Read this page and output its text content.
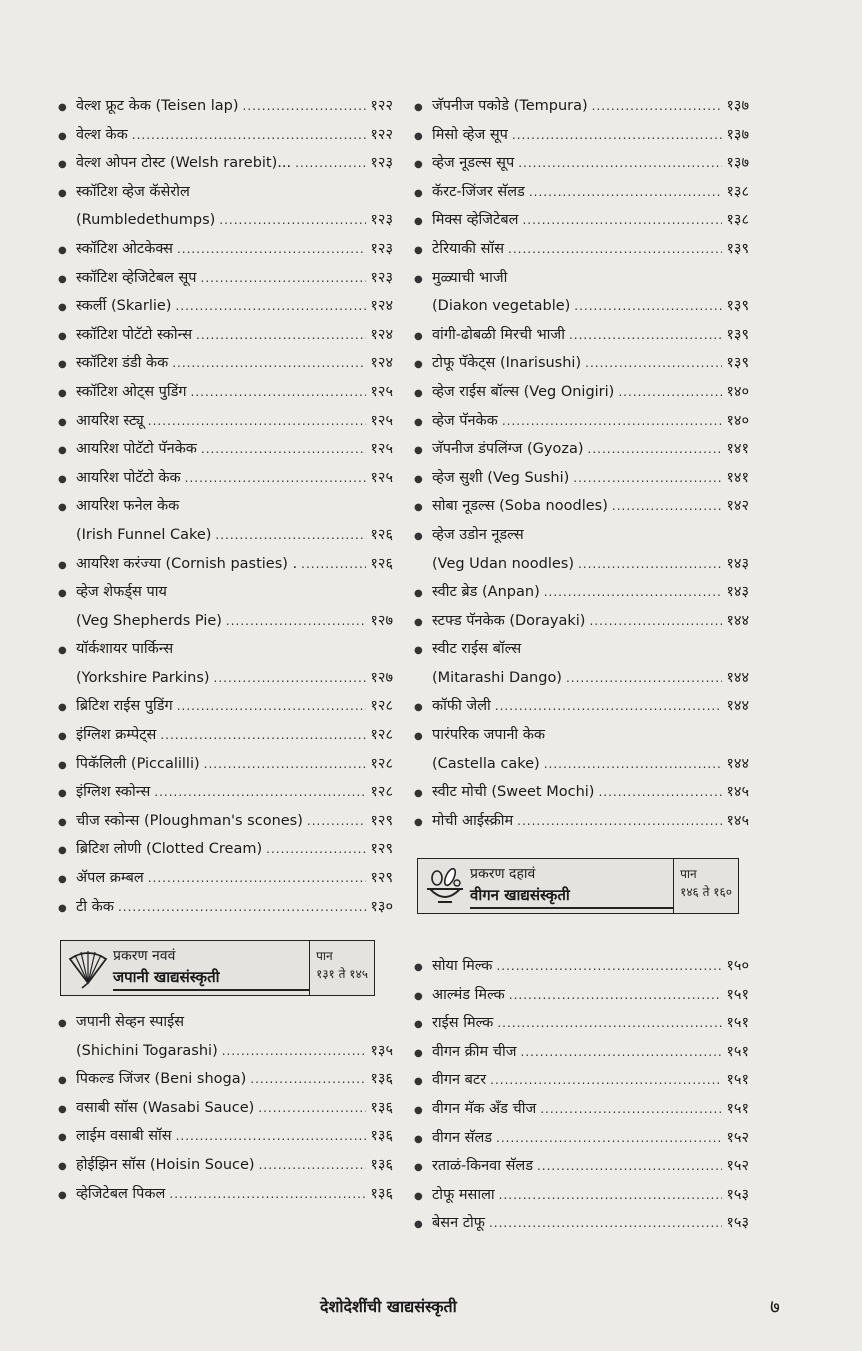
● वेल्श फ्रूट केक (Teisen lap) .....	१२२
● वेल्श केक .....	१२२
● वेल्श ओपन टोस्ट (Welsh rarebit)... .....	१२३
● स्कॉटिश व्हेज कॅसेरोल
(Rumbledethumps) .....	१२३
● स्कॉटिश ओटकेक्स .....	१२३
● स्कॉटिश व्हेजिटेबल सूप .....	१२३
● स्कर्ली (Skarlie) .....	१२४
● स्कॉटिश पोटॅटो स्कोन्स .....	१२४
● स्कॉटिश डंडी केक .....	१२४
● स्कॉटिश ओट्स पुडिंग .....	१२५
● आयरिश स्ट्यू .....	१२५
● आयरिश पोटॅटो पॅनकेक .....	१२५
● आयरिश पोटॅटो केक .....	१२५
● आयरिश फनेल केक
(Irish Funnel Cake) .....	१२६
● आयरिश करंज्या (Cornish pasties) . .....	१२६
● व्हेज शेफर्ड्स पाय
(Veg Shepherds Pie) .....	१२७
● यॉर्कशायर पार्किन्स
(Yorkshire Parkins) .....	१२७
● ब्रिटिश राईस पुडिंग .....	१२८
● इंग्लिश क्रम्पेट्स .....	१२८
● पिकॅलिली (Piccalilli) .....	१२८
● इंग्लिश स्कोन्स .....	१२८
● चीज स्कोन्स (Ploughman's scones) .....	१२९
● ब्रिटिश लोणी (Clotted Cream) .....	१२९
● ॲपल क्रम्बल .....	१२९
● टी केक .....	१३०
प्रकरण नववं
जपानी खाद्यसंस्कृती
पान
१३१ ते १४५
● जपानी सेव्हन स्पाईस
(Shichini Togarashi) .....	१३५
● पिकल्ड जिंजर (Beni shoga) .....	१३६
● वसाबी सॉस (Wasabi Sauce) .....	१३६
● लाईम वसाबी सॉस .....	१३६
● होईझिन सॉस (Hoisin Souce) .....	१३६
● व्हेजिटेबल पिकल .....	१३६
● जॅपनीज पकोडे (Tempura) .....	१३७
● मिसो व्हेज सूप .....	१३७
● व्हेज नूडल्स सूप .....	१३७
● कॅरट-जिंजर सॅलड .....	१३८
● मिक्स व्हेजिटेबल .....	१३८
● टेरियाकी सॉस .....	१३९
● मुळ्याची भाजी
(Diakon vegetable) .....	१३९
● वांगी-ढोबळी मिरची भाजी .....	१३९
● टोफू पॅकेट्स (Inarisushi) .....	१३९
● व्हेज राईस बॉल्स (Veg Onigiri) .....	१४०
● व्हेज पॅनकेक .....	१४०
● जॅपनीज डंपलिंग्ज (Gyoza) .....	१४१
● व्हेज सुशी (Veg Sushi) .....	१४१
● सोबा नूडल्स (Soba noodles) .....	१४२
● व्हेज उडोन नूडल्स
(Veg Udan noodles) .....	१४३
● स्वीट ब्रेड (Anpan) .....	१४३
● स्टफ्ड पॅनकेक (Dorayaki) .....	१४४
● स्वीट राईस बॉल्स
(Mitarashi Dango) .....	१४४
● कॉफी जेली .....	१४४
● पारंपरिक जपानी केक
(Castella cake) .....	१४४
● स्वीट मोची (Sweet Mochi) .....	१४५
● मोची आईस्क्रीम .....	१४५
प्रकरण दहावं
वीगन खाद्यसंस्कृती
पान
१४६ ते १६०
● सोया मिल्क .....	१५०
● आल्मंड मिल्क .....	१५१
● राईस मिल्क .....	१५१
● वीगन क्रीम चीज .....	१५१
● वीगन बटर .....	१५१
● वीगन मॅक अँड चीज .....	१५१
● वीगन सॅलड .....	१५२
● रताळं-किनवा सॅलड .....	१५२
● टोफू मसाला .....	१५३
● बेसन टोफू .....	१५३
देशोदेशींची खाद्यसंस्कृती	७
